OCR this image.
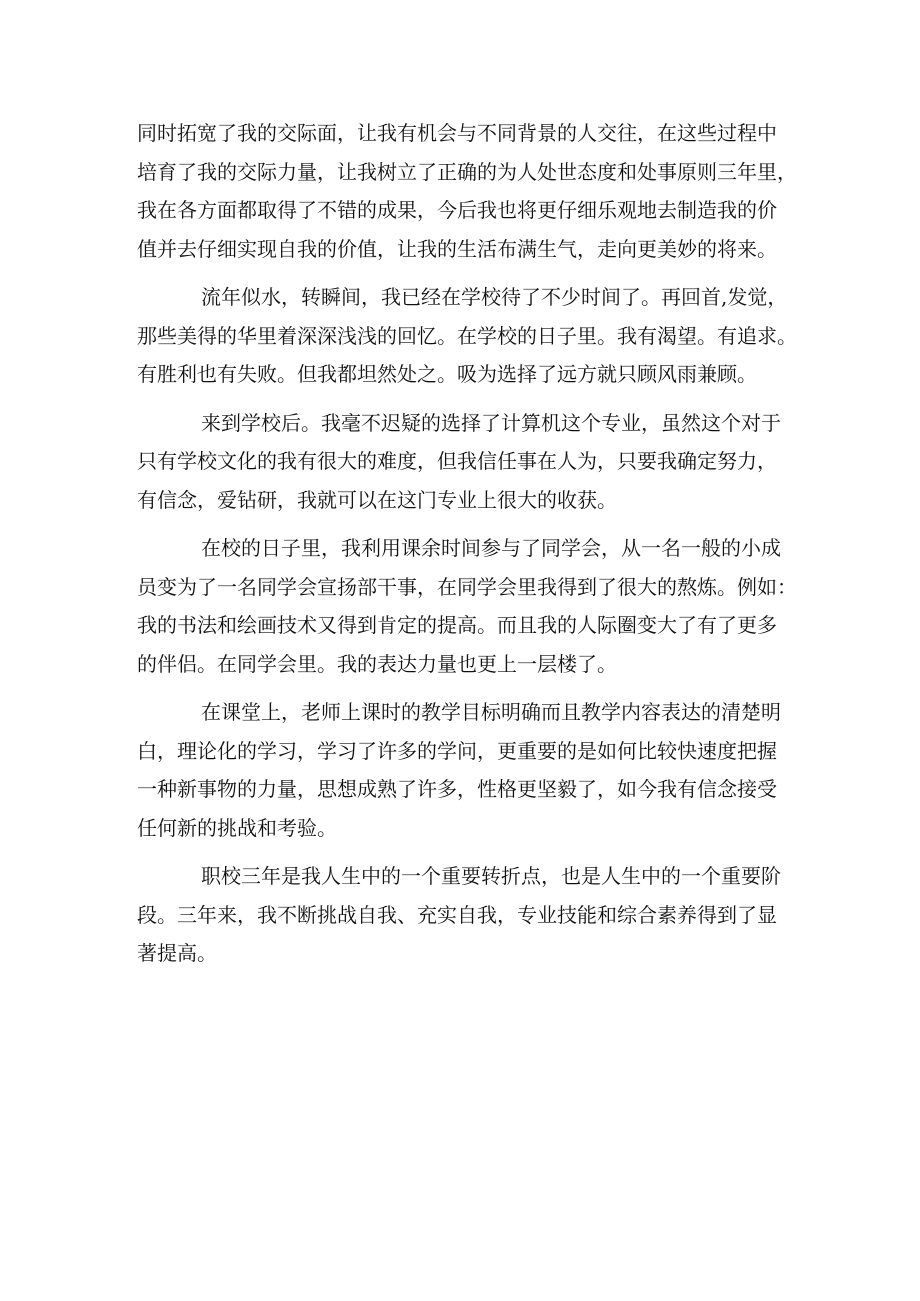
同时拓宽了我的交际面，让我有机会与不同背景的人交往，在这些过程中
培育了我的交际力量，让我树立了正确的为人处世态度和处事原则三年里，
我在各方面都取得了不错的成果，今后我也将更仔细乐观地去制造我的价
值并去仔细实现自我的价值，让我的生活布满生气，走向更美妙的将来。
流年似水，转瞬间，我已经在学校待了不少时间了。再回首,发觉，
那些美得的华里着深深浅浅的回忆。在学校的日子里。我有渴望。有追求。
有胜利也有失败。但我都坦然处之。吸为选择了远方就只顾风雨兼顾。
来到学校后。我毫不迟疑的选择了计算机这个专业，虽然这个对于
只有学校文化的我有很大的难度，但我信任事在人为，只要我确定努力，
有信念，爱钻研，我就可以在这门专业上很大的收获。
在校的日子里，我利用课余时间参与了同学会，从一名一般的小成
员变为了一名同学会宣扬部干事，在同学会里我得到了很大的熬炼。例如：
我的书法和绘画技术又得到肯定的提高。而且我的人际圈变大了有了更多
的伴侣。在同学会里。我的表达力量也更上一层楼了。
在课堂上，老师上课时的教学目标明确而且教学内容表达的清楚明
白，理论化的学习，学习了许多的学问，更重要的是如何比较快速度把握
一种新事物的力量，思想成熟了许多，性格更坚毅了，如今我有信念接受
任何新的挑战和考验。
职校三年是我人生中的一个重要转折点，也是人生中的一个重要阶
段。三年来，我不断挑战自我、充实自我，专业技能和综合素养得到了显
著提高。
